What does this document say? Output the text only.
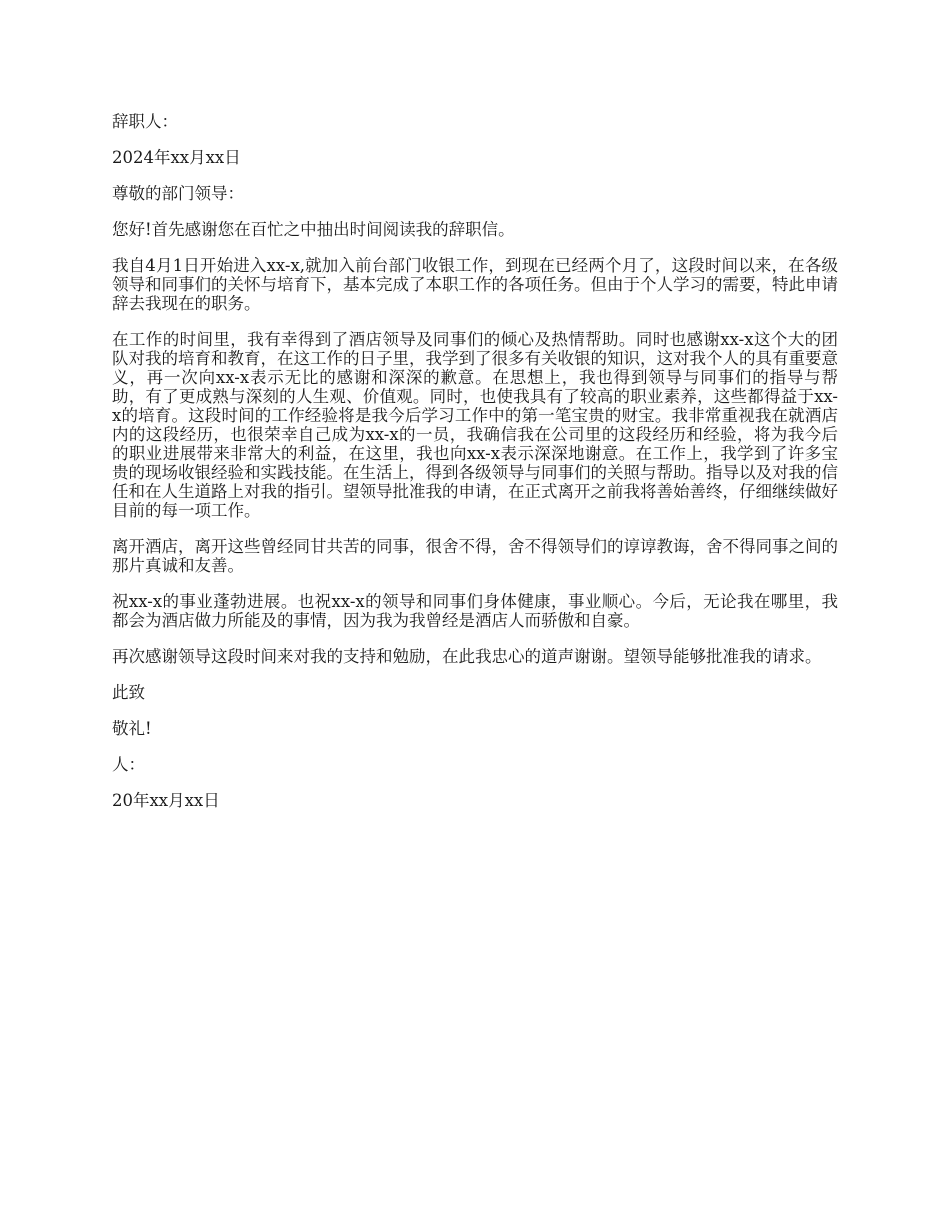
辞职人：
2024年xx月xx日
尊敬的部门领导：
您好!首先感谢您在百忙之中抽出时间阅读我的辞职信。
我自4月1日开始进入xx-x,就加入前台部门收银工作，到现在已经两个月了，这段时间以来，在各级领导和同事们的关怀与培育下，基本完成了本职工作的各项任务。但由于个人学习的需要，特此申请辞去我现在的职务。
在工作的时间里，我有幸得到了酒店领导及同事们的倾心及热情帮助。同时也感谢xx-x这个大的团队对我的培育和教育，在这工作的日子里，我学到了很多有关收银的知识，这对我个人的具有重要意义，再一次向xx-x表示无比的感谢和深深的歉意。在思想上，我也得到领导与同事们的指导与帮助，有了更成熟与深刻的人生观、价值观。同时，也使我具有了较高的职业素养，这些都得益于xx-x的培育。这段时间的工作经验将是我今后学习工作中的第一笔宝贵的财宝。我非常重视我在就酒店内的这段经历，也很荣幸自己成为xx-x的一员，我确信我在公司里的这段经历和经验，将为我今后的职业进展带来非常大的利益，在这里，我也向xx-x表示深深地谢意。在工作上，我学到了许多宝贵的现场收银经验和实践技能。在生活上，得到各级领导与同事们的关照与帮助。指导以及对我的信任和在人生道路上对我的指引。望领导批准我的申请，在正式离开之前我将善始善终，仔细继续做好目前的每一项工作。
离开酒店，离开这些曾经同甘共苦的同事，很舍不得，舍不得领导们的谆谆教诲，舍不得同事之间的那片真诚和友善。
祝xx-x的事业蓬勃进展。也祝xx-x的领导和同事们身体健康，事业顺心。今后，无论我在哪里，我都会为酒店做力所能及的事情，因为我为我曾经是酒店人而骄傲和自豪。
再次感谢领导这段时间来对我的支持和勉励，在此我忠心的道声谢谢。望领导能够批准我的请求。
此致
敬礼!
人：
20年xx月xx日
